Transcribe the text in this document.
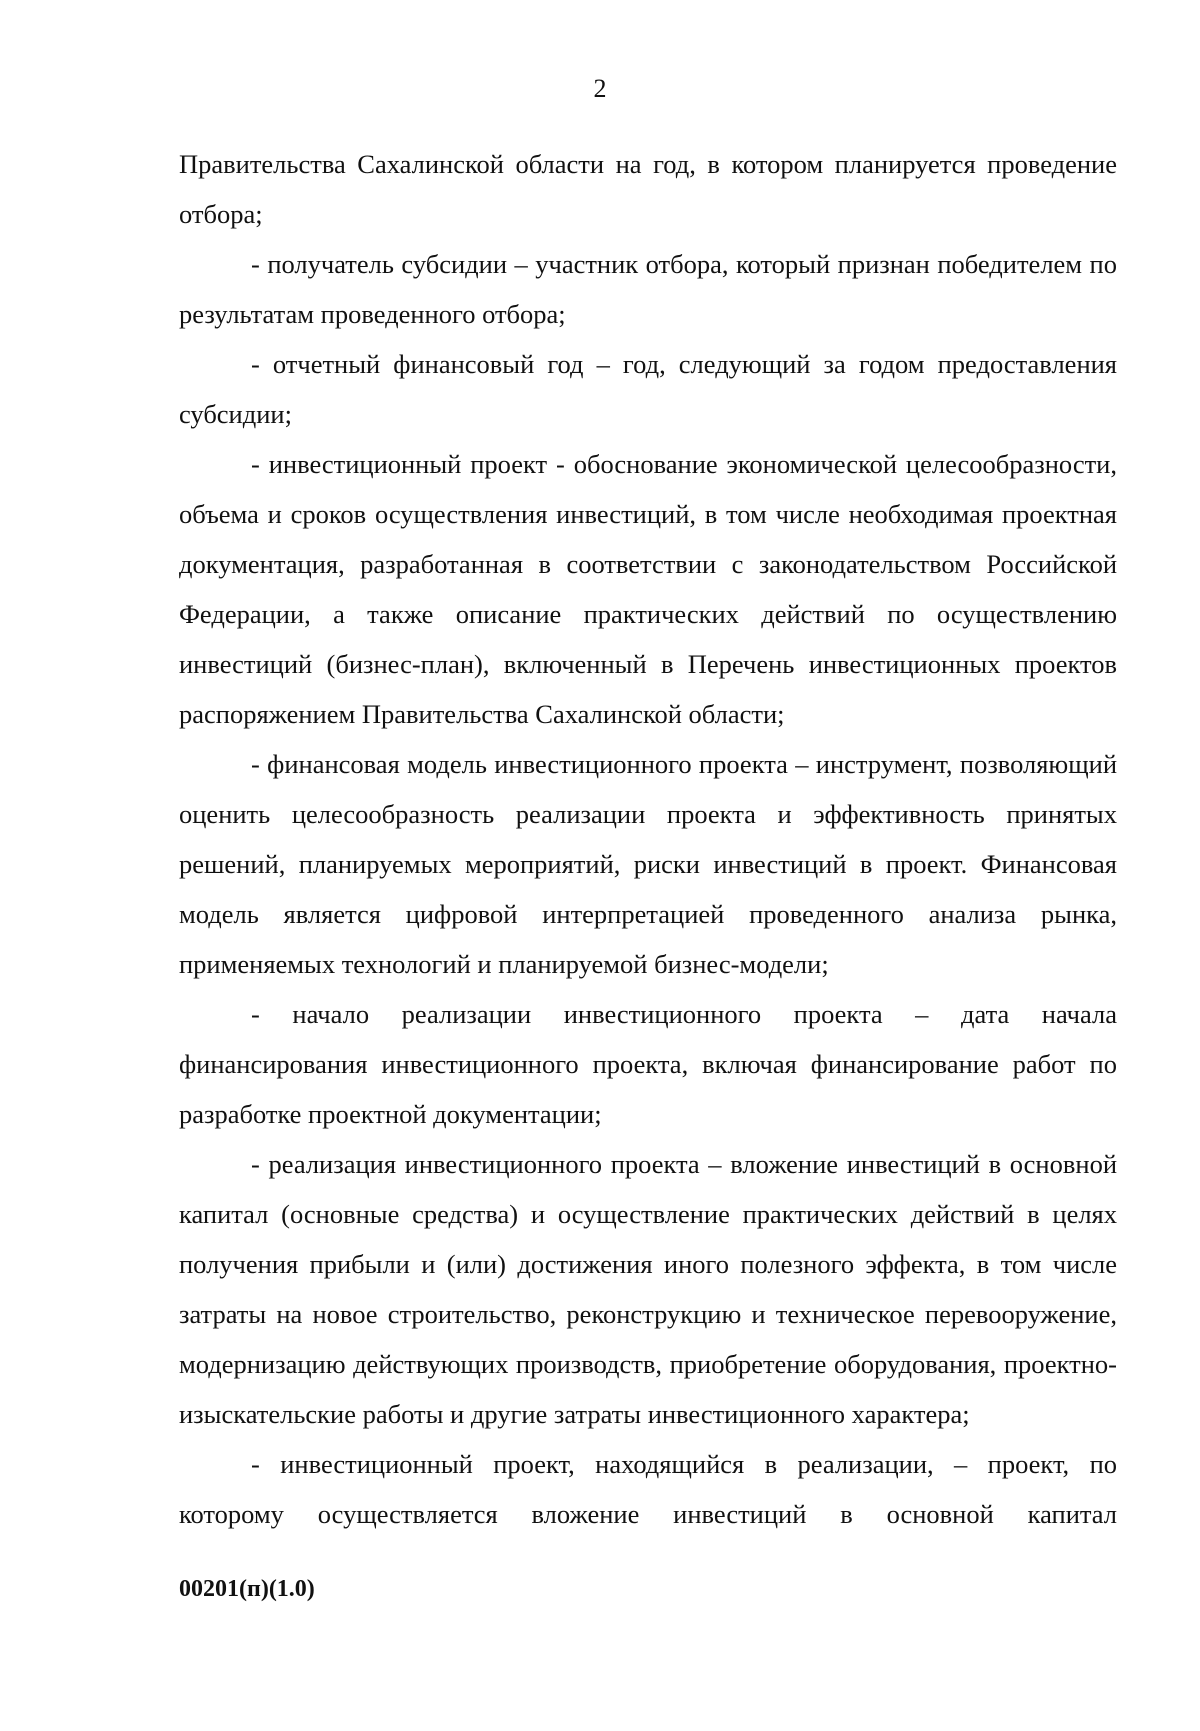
2

Правительства Сахалинской области на год, в котором планируется проведение отбора;

- получатель субсидии – участник отбора, который признан победителем по результатам проведенного отбора;

- отчетный финансовый год – год, следующий за годом предоставления субсидии;

- инвестиционный проект - обоснование экономической целесообразности, объема и сроков осуществления инвестиций, в том числе необходимая проектная документация, разработанная в соответствии с законодательством Российской Федерации, а также описание практических действий по осуществлению инвестиций (бизнес-план), включенный в Перечень инвестиционных проектов распоряжением Правительства Сахалинской области;

- финансовая модель инвестиционного проекта – инструмент, позволяющий оценить целесообразность реализации проекта и эффективность принятых решений, планируемых мероприятий, риски инвестиций в проект. Финансовая модель является цифровой интерпретацией проведенного анализа рынка, применяемых технологий и планируемой бизнес-модели;

- начало реализации инвестиционного проекта – дата начала финансирования инвестиционного проекта, включая финансирование работ по разработке проектной документации;

- реализация инвестиционного проекта – вложение инвестиций в основной капитал (основные средства) и осуществление практических действий в целях получения прибыли и (или) достижения иного полезного эффекта, в том числе затраты на новое строительство, реконструкцию и техническое перевооружение, модернизацию действующих производств, приобретение оборудования, проектно-изыскательские работы и другие затраты инвестиционного характера;

- инвестиционный проект, находящийся в реализации, – проект, по которому осуществляется вложение инвестиций в основной капитал

00201(п)(1.0)
